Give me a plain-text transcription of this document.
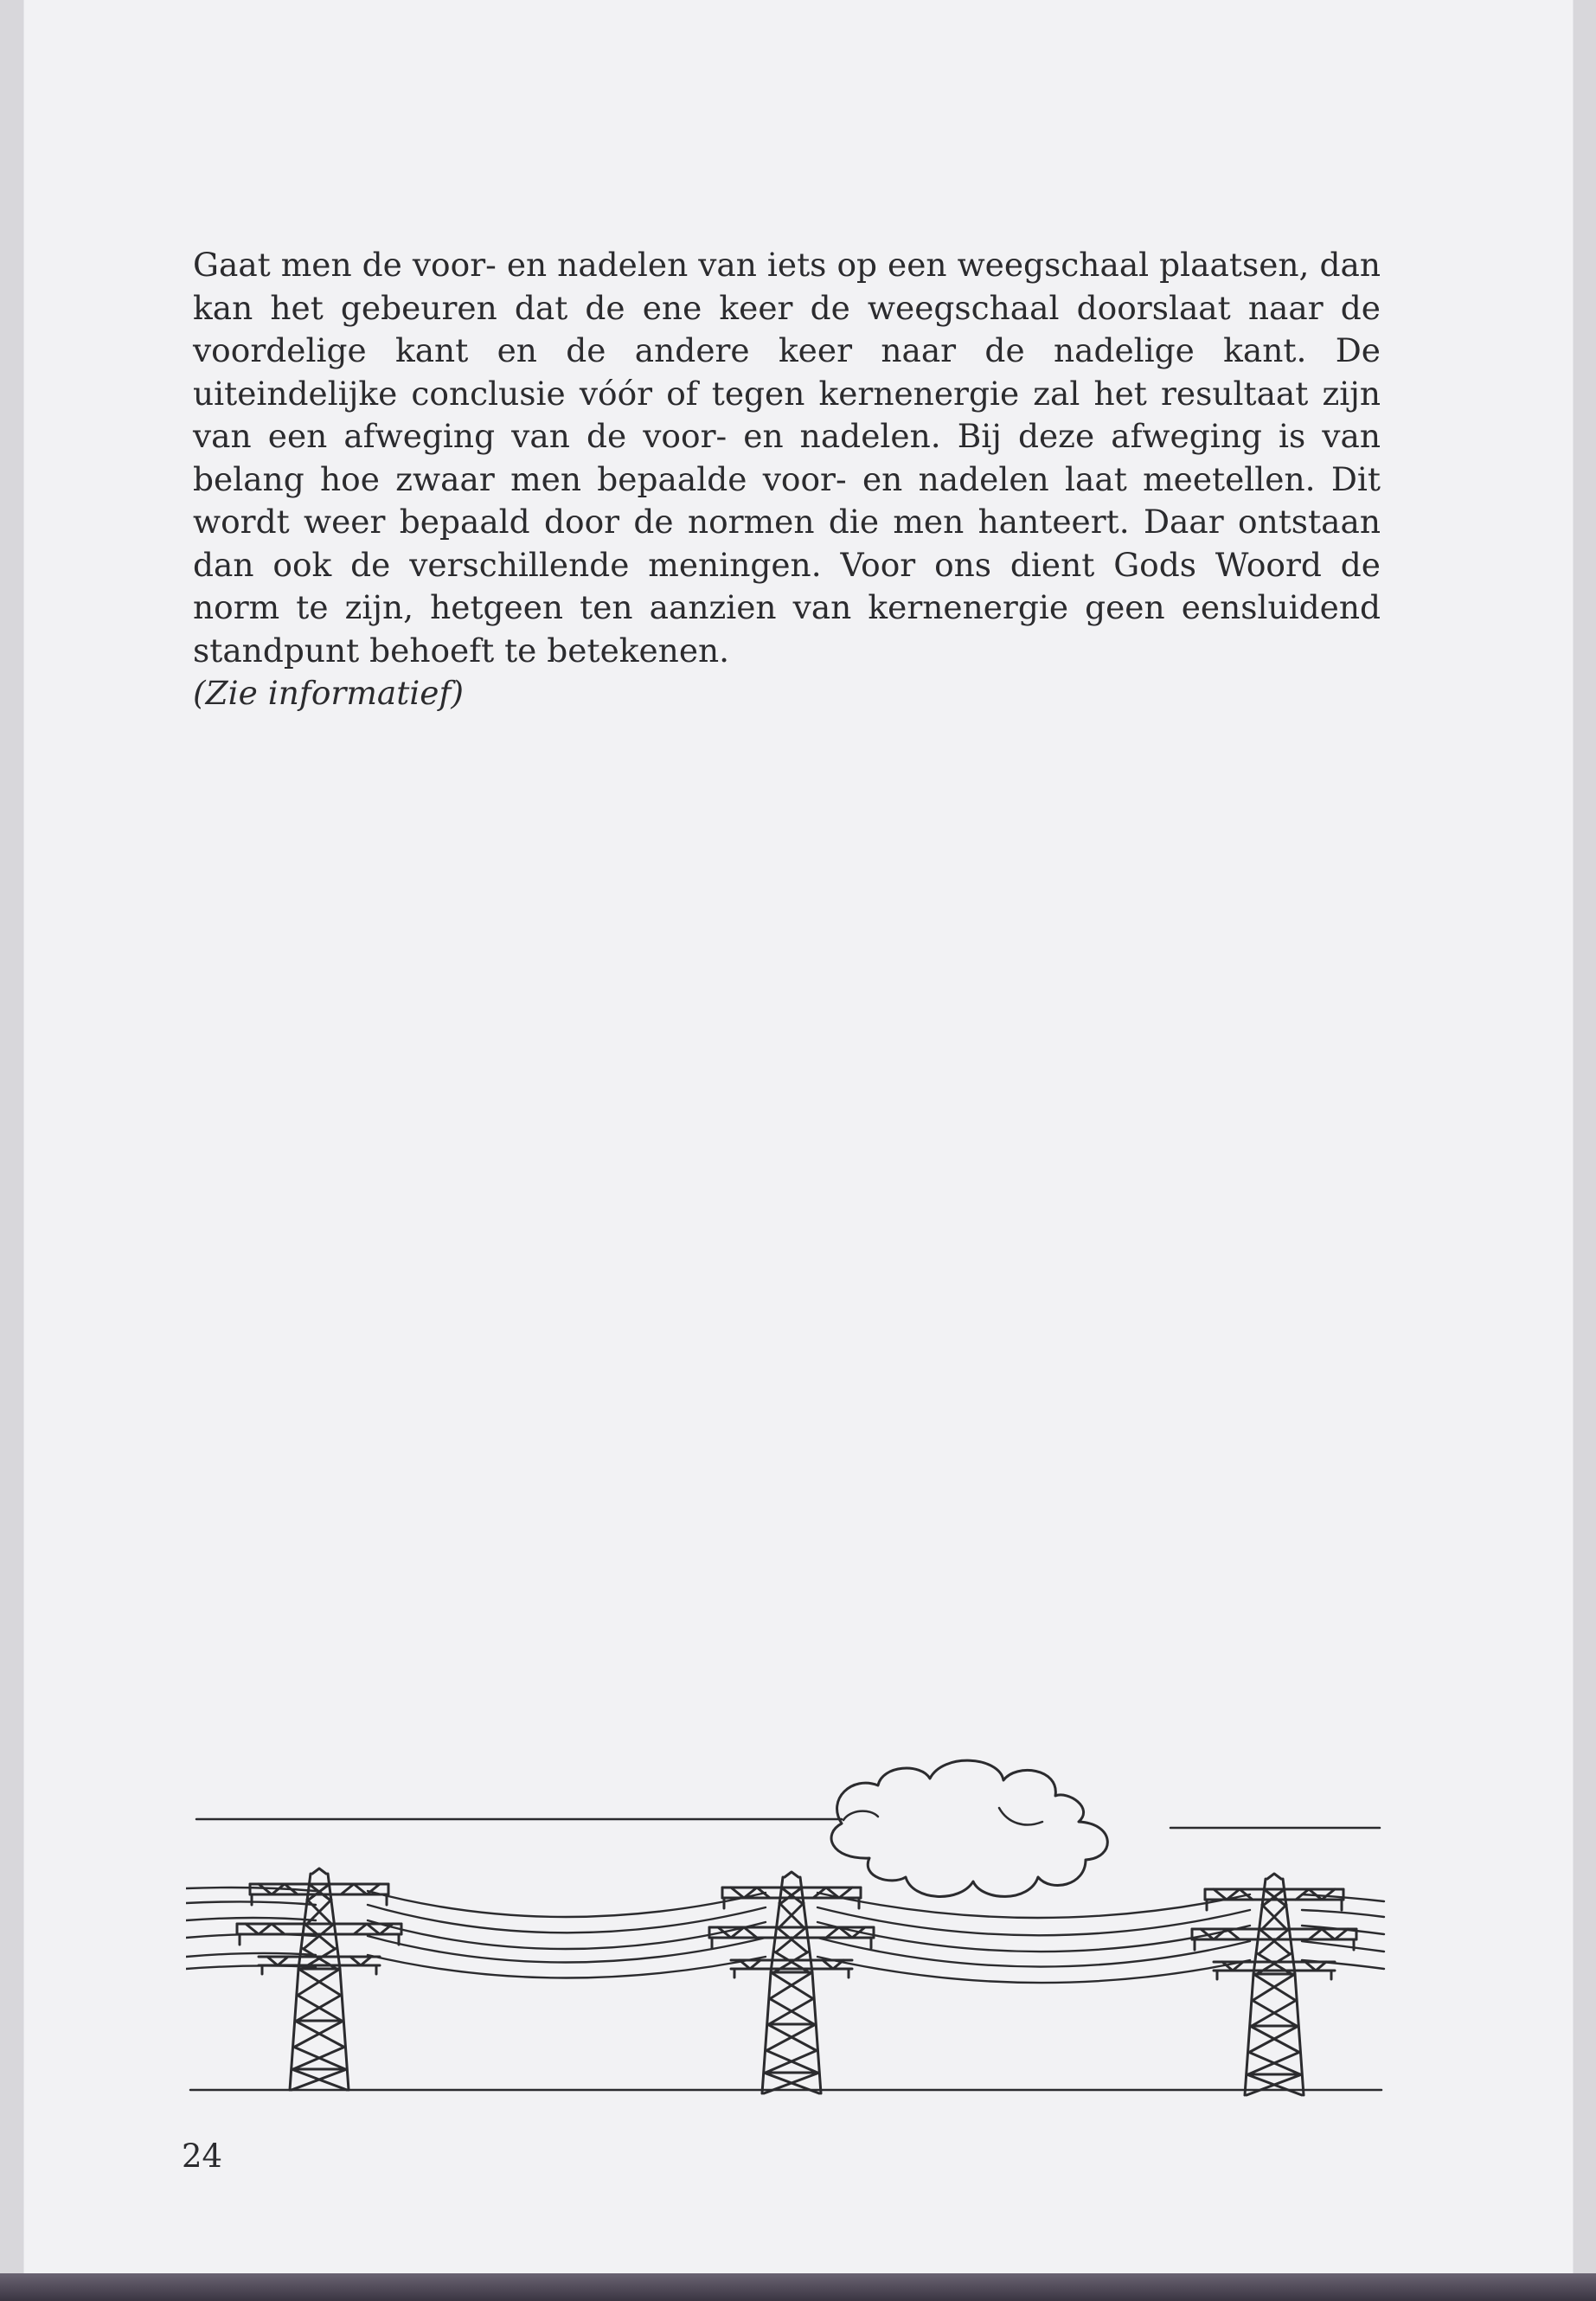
Gaat men de voor- en nadelen van iets op een weegschaal plaatsen, dan kan het gebeuren dat de ene keer de weegschaal doorslaat naar de voordelige kant en de andere keer naar de nadelige kant. De uiteindelijke conclusie vóór of tegen kernenergie zal het resultaat zijn van een afweging van de voor- en nadelen. Bij deze afweging is van belang hoe zwaar men bepaalde voor- en nadelen laat meetellen. Dit wordt weer bepaald door de normen die men hanteert. Daar ontstaan dan ook de verschillende meningen. Voor ons dient Gods Woord de norm te zijn, hetgeen ten aanzien van kernenergie geen eensluidend standpunt behoeft te betekenen.
(Zie informatief)

24
